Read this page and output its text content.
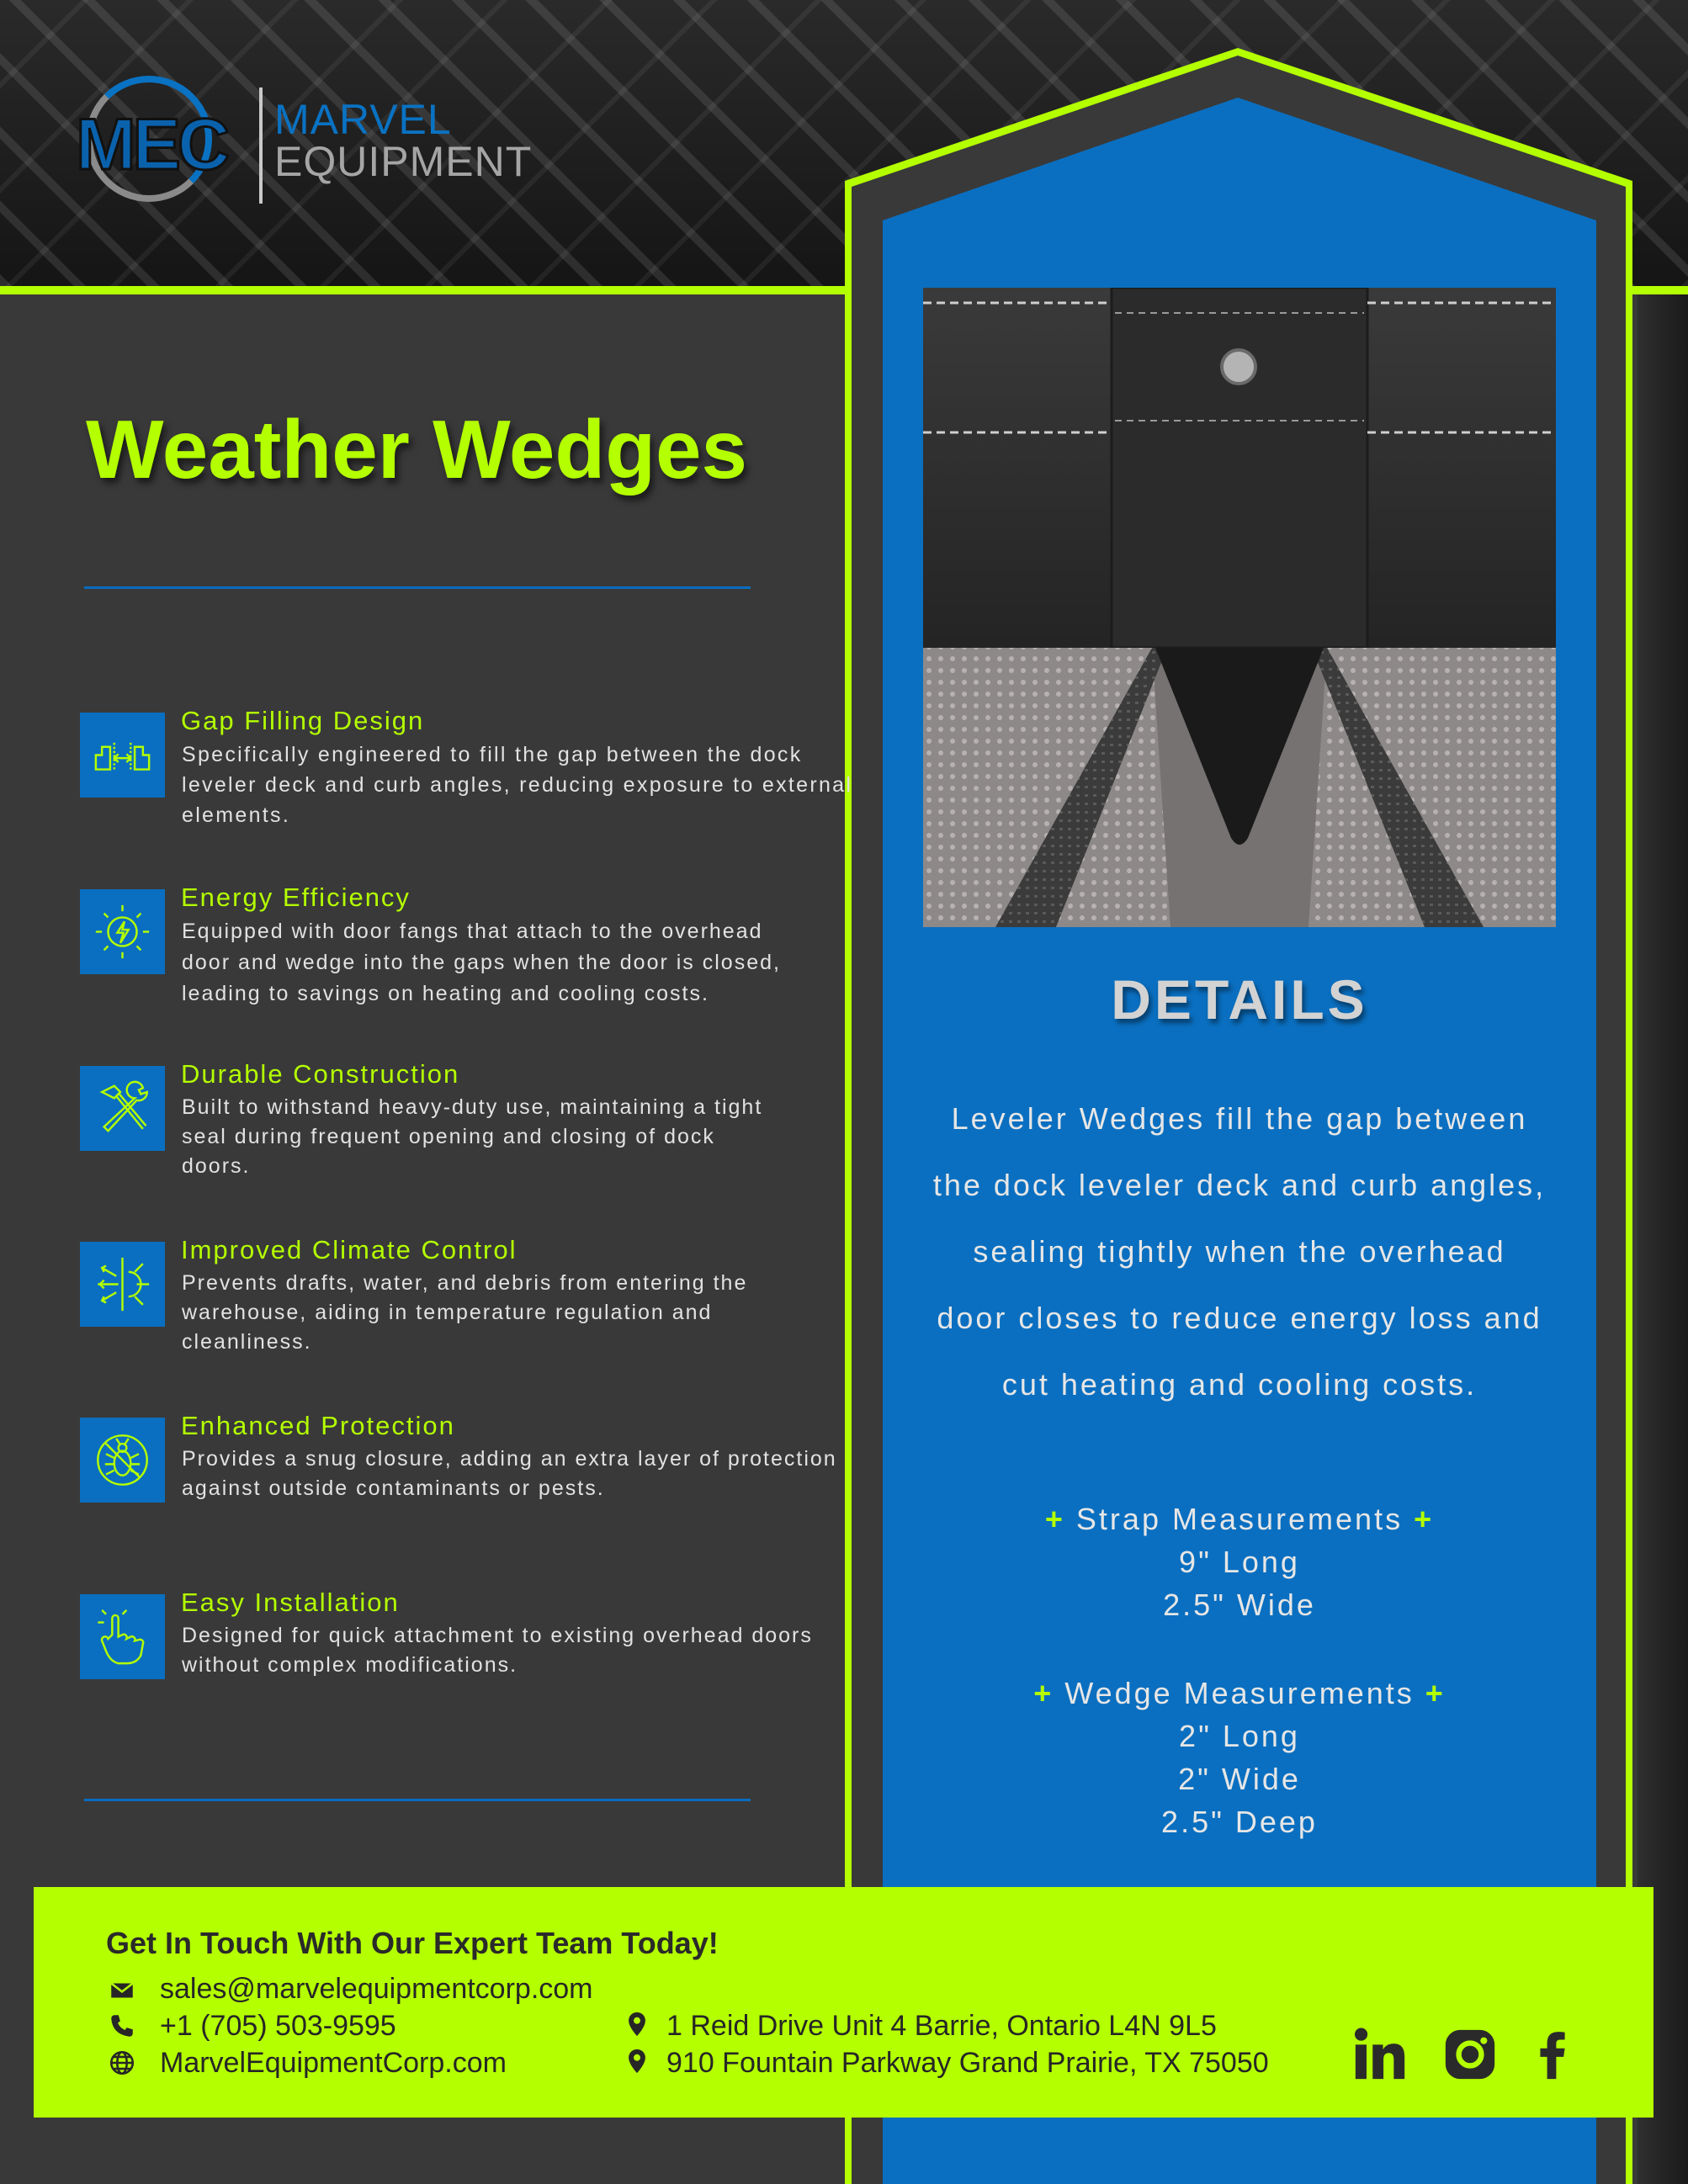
MEC	MARVEL
EQUIPMENT
Weather Wedges
Gap Filling Design
Specifically engineered to fill the gap between the dock leveler deck and curb angles, reducing exposure to external elements.
Energy Efficiency
Equipped with door fangs that attach to the overhead door and wedge into the gaps when the door is closed, leading to savings on heating and cooling costs.
Durable Construction
Built to withstand heavy-duty use, maintaining a tight seal during frequent opening and closing of dock doors.
Improved Climate Control
Prevents drafts, water, and debris from entering the warehouse, aiding in temperature regulation and cleanliness.
Enhanced Protection
Provides a snug closure, adding an extra layer of protection against outside contaminants or pests.
Easy Installation
Designed for quick attachment to existing overhead doors without complex modifications.
DETAILS
Leveler Wedges fill the gap between the dock leveler deck and curb angles, sealing tightly when the overhead door closes to reduce energy loss and cut heating and cooling costs.
+ Strap Measurements +
9" Long
2.5" Wide
+ Wedge Measurements +
2" Long
2" Wide
2.5" Deep
Get In Touch With Our Expert Team Today!
sales@marvelequipmentcorp.com
+1 (705) 503-9595
MarvelEquipmentCorp.com
1 Reid Drive Unit 4 Barrie, Ontario L4N 9L5
910 Fountain Parkway Grand Prairie, TX 75050
